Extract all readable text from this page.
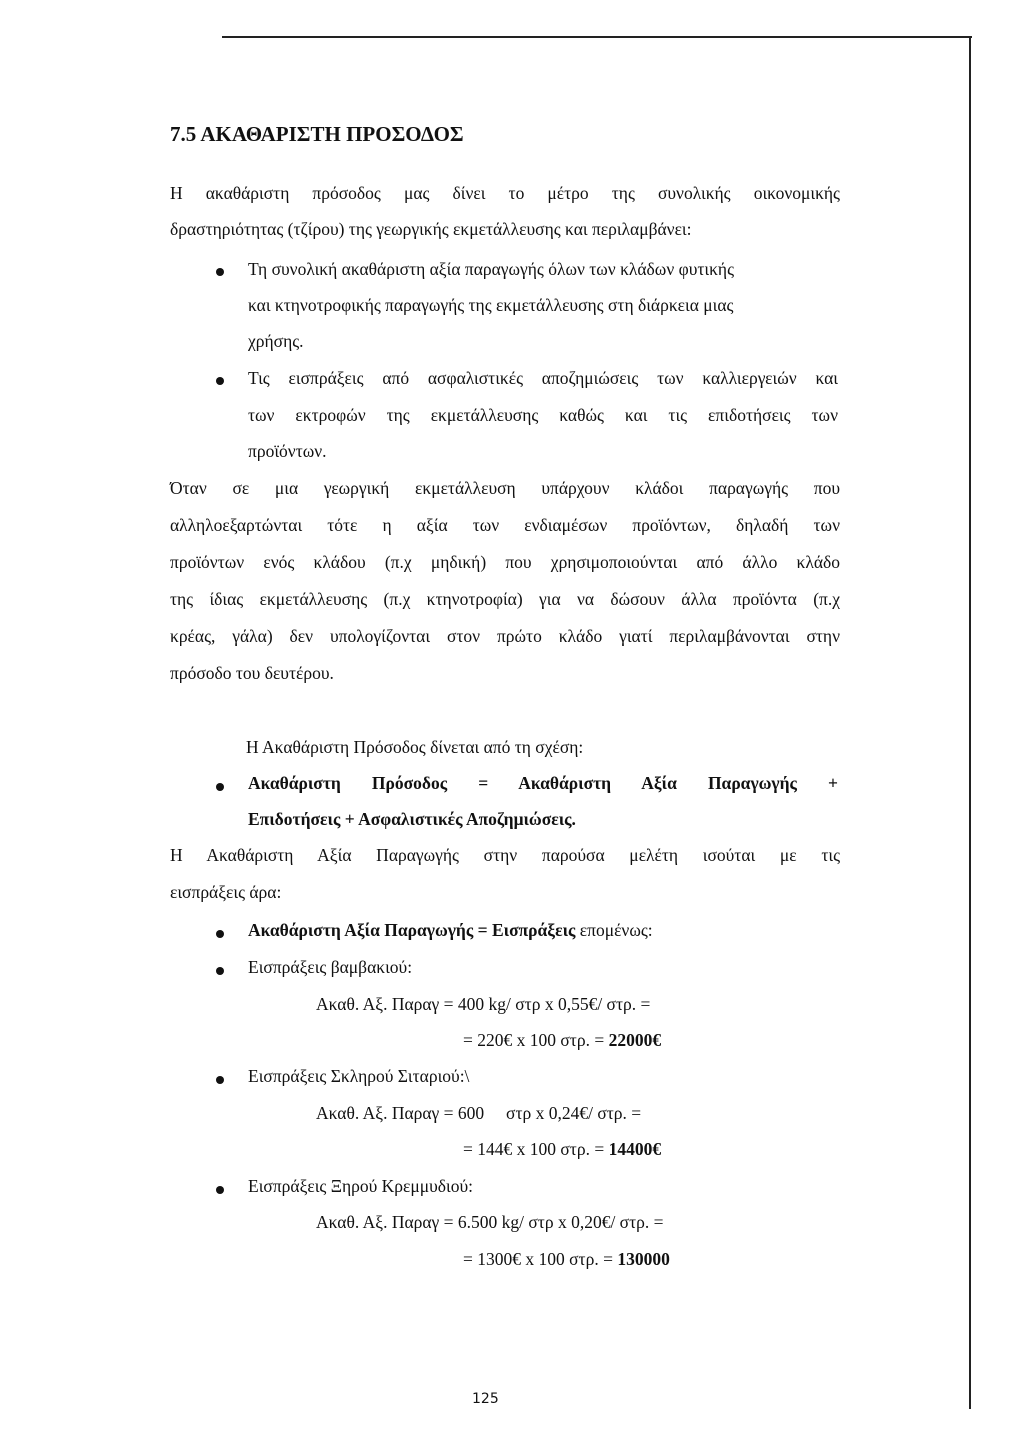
7.5 ΑΚΑΘΑΡΙΣΤΗ ΠΡΟΣΟΔΟΣ
Η ακαθάριστη πρόσοδος μας δίνει το μέτρο της συνολικής οικονομικής
δραστηριότητας (τζίρου) της γεωργικής εκμετάλλευσης και περιλαμβάνει:
Τη συνολική ακαθάριστη αξία παραγωγής όλων των κλάδων φυτικής
και κτηνοτροφικής παραγωγής της εκμετάλλευσης στη διάρκεια μιας
χρήσης.
Τις εισπράξεις από ασφαλιστικές αποζημιώσεις των καλλιεργειών και
των εκτροφών της εκμετάλλευσης καθώς και τις επιδοτήσεις των
προϊόντων.
Όταν σε μια γεωργική εκμετάλλευση υπάρχουν κλάδοι παραγωγής που
αλληλοεξαρτώνται τότε η αξία των ενδιαμέσων προϊόντων, δηλαδή των
προϊόντων ενός κλάδου (π.χ μηδική) που χρησιμοποιούνται από άλλο κλάδο
της ίδιας εκμετάλλευσης (π.χ κτηνοτροφία) για να δώσουν άλλα προϊόντα (π.χ
κρέας, γάλα) δεν υπολογίζονται στον πρώτο κλάδο γιατί περιλαμβάνονται στην
πρόσοδο του δευτέρου.
Η Ακαθάριστη Πρόσοδος δίνεται από τη σχέση:
Ακαθάριστη Πρόσοδος = Ακαθάριστη Αξία Παραγωγής +
Επιδοτήσεις + Ασφαλιστικές Αποζημιώσεις.
Η Ακαθάριστη Αξία Παραγωγής στην παρούσα μελέτη ισούται με τις
εισπράξεις άρα:
Ακαθάριστη Αξία Παραγωγής = Εισπράξεις επομένως:
Εισπράξεις βαμβακιού:
Ακαθ. Αξ. Παραγ = 400 kg/ στρ x 0,55€/ στρ. =
= 220€ x 100 στρ. = 22000€
Εισπράξεις Σκληρού Σιταριού:\
Ακαθ. Αξ. Παραγ = 600     στρ x 0,24€/ στρ. =
= 144€ x 100 στρ. = 14400€
Εισπράξεις Ξηρού Κρεμμυδιού:
Ακαθ. Αξ. Παραγ = 6.500 kg/ στρ x 0,20€/ στρ. =
= 1300€ x 100 στρ. = 130000
125
